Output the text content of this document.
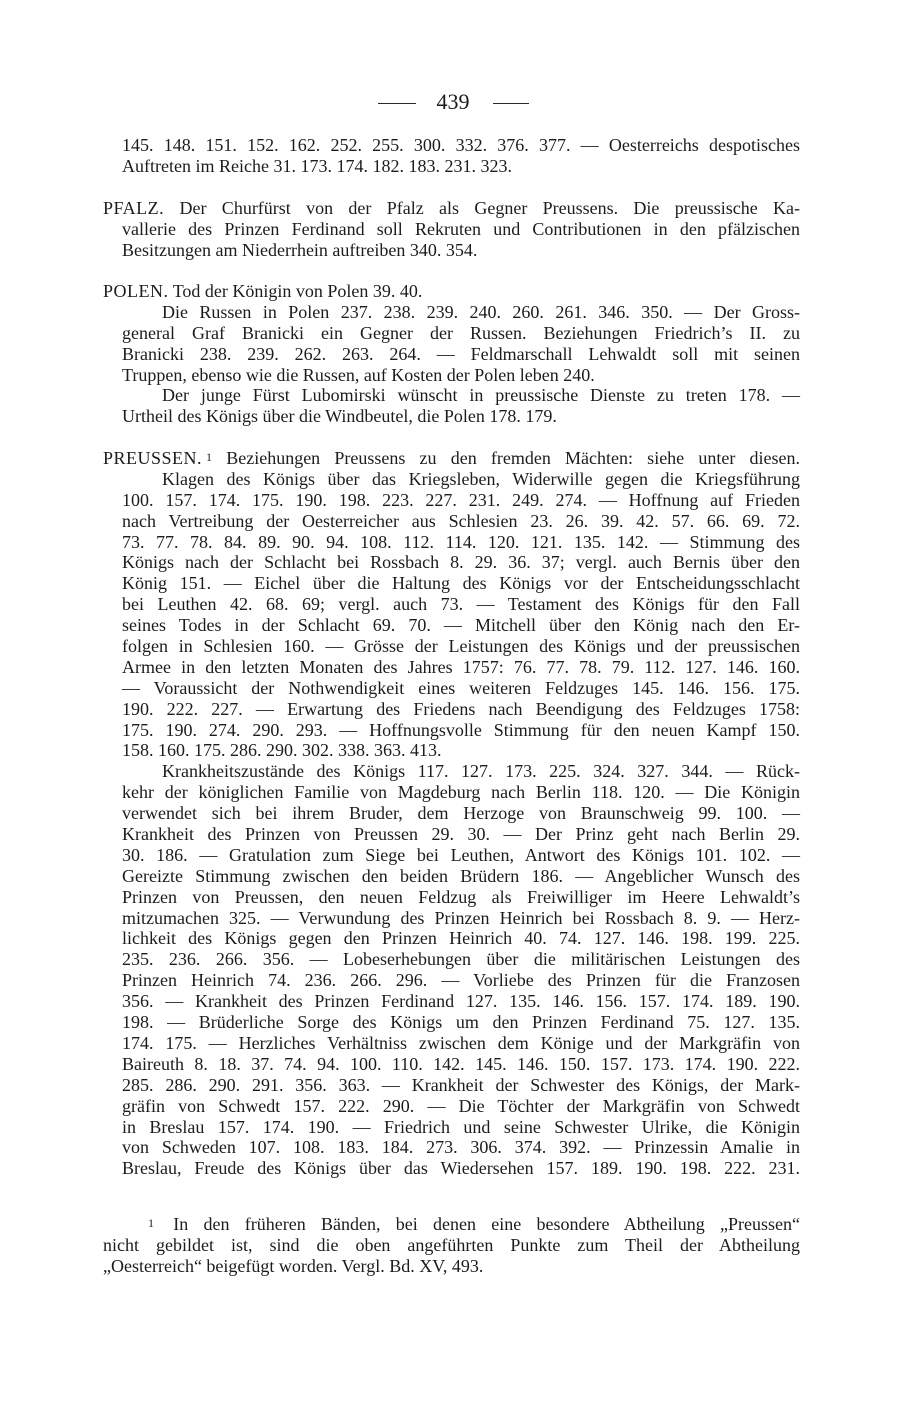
439
145. 148. 151. 152. 162. 252. 255. 300. 332. 376. 377. — Oesterreichs despotisches
Auftreten im Reiche 31. 173. 174. 182. 183. 231. 323.
PFALZ. Der Churfürst von der Pfalz als Gegner Preussens. Die preussische Ka-
vallerie des Prinzen Ferdinand soll Rekruten und Contributionen in den pfälzischen
Besitzungen am Niederrhein auftreiben 340. 354.
POLEN. Tod der Königin von Polen 39. 40.
Die Russen in Polen 237. 238. 239. 240. 260. 261. 346. 350. — Der Gross-
general Graf Branicki ein Gegner der Russen. Beziehungen Friedrich’s II. zu
Branicki 238. 239. 262. 263. 264. — Feldmarschall Lehwaldt soll mit seinen
Truppen, ebenso wie die Russen, auf Kosten der Polen leben 240.
Der junge Fürst Lubomirski wünscht in preussische Dienste zu treten 178. —
Urtheil des Königs über die Windbeutel, die Polen 178. 179.
PREUSSEN. 1 Beziehungen Preussens zu den fremden Mächten: siehe unter diesen.
Klagen des Königs über das Kriegsleben, Widerwille gegen die Kriegsführung
100. 157. 174. 175. 190. 198. 223. 227. 231. 249. 274. — Hoffnung auf Frieden
nach Vertreibung der Oesterreicher aus Schlesien 23. 26. 39. 42. 57. 66. 69. 72.
73. 77. 78. 84. 89. 90. 94. 108. 112. 114. 120. 121. 135. 142. — Stimmung des
Königs nach der Schlacht bei Rossbach 8. 29. 36. 37; vergl. auch Bernis über den
König 151. — Eichel über die Haltung des Königs vor der Entscheidungsschlacht
bei Leuthen 42. 68. 69; vergl. auch 73. — Testament des Königs für den Fall
seines Todes in der Schlacht 69. 70. — Mitchell über den König nach den Er-
folgen in Schlesien 160. — Grösse der Leistungen des Königs und der preussischen
Armee in den letzten Monaten des Jahres 1757: 76. 77. 78. 79. 112. 127. 146. 160.
— Voraussicht der Nothwendigkeit eines weiteren Feldzuges 145. 146. 156. 175.
190. 222. 227. — Erwartung des Friedens nach Beendigung des Feldzuges 1758:
175. 190. 274. 290. 293. — Hoffnungsvolle Stimmung für den neuen Kampf 150.
158. 160. 175. 286. 290. 302. 338. 363. 413.
Krankheitszustände des Königs 117. 127. 173. 225. 324. 327. 344. — Rück-
kehr der königlichen Familie von Magdeburg nach Berlin 118. 120. — Die Königin
verwendet sich bei ihrem Bruder, dem Herzoge von Braunschweig 99. 100. —
Krankheit des Prinzen von Preussen 29. 30. — Der Prinz geht nach Berlin 29.
30. 186. — Gratulation zum Siege bei Leuthen, Antwort des Königs 101. 102. —
Gereizte Stimmung zwischen den beiden Brüdern 186. — Angeblicher Wunsch des
Prinzen von Preussen, den neuen Feldzug als Freiwilliger im Heere Lehwaldt’s
mitzumachen 325. — Verwundung des Prinzen Heinrich bei Rossbach 8. 9. — Herz-
lichkeit des Königs gegen den Prinzen Heinrich 40. 74. 127. 146. 198. 199. 225.
235. 236. 266. 356. — Lobeserhebungen über die militärischen Leistungen des
Prinzen Heinrich 74. 236. 266. 296. — Vorliebe des Prinzen für die Franzosen
356. — Krankheit des Prinzen Ferdinand 127. 135. 146. 156. 157. 174. 189. 190.
198. — Brüderliche Sorge des Königs um den Prinzen Ferdinand 75. 127. 135.
174. 175. — Herzliches Verhältniss zwischen dem Könige und der Markgräfin von
Baireuth 8. 18. 37. 74. 94. 100. 110. 142. 145. 146. 150. 157. 173. 174. 190. 222.
285. 286. 290. 291. 356. 363. — Krankheit der Schwester des Königs, der Mark-
gräfin von Schwedt 157. 222. 290. — Die Töchter der Markgräfin von Schwedt
in Breslau 157. 174. 190. — Friedrich und seine Schwester Ulrike, die Königin
von Schweden 107. 108. 183. 184. 273. 306. 374. 392. — Prinzessin Amalie in
Breslau, Freude des Königs über das Wiedersehen 157. 189. 190. 198. 222. 231.
1 In den früheren Bänden, bei denen eine besondere Abtheilung „Preussen“
nicht gebildet ist, sind die oben angeführten Punkte zum Theil der Abtheilung
„Oesterreich“ beigefügt worden. Vergl. Bd. XV, 493.
